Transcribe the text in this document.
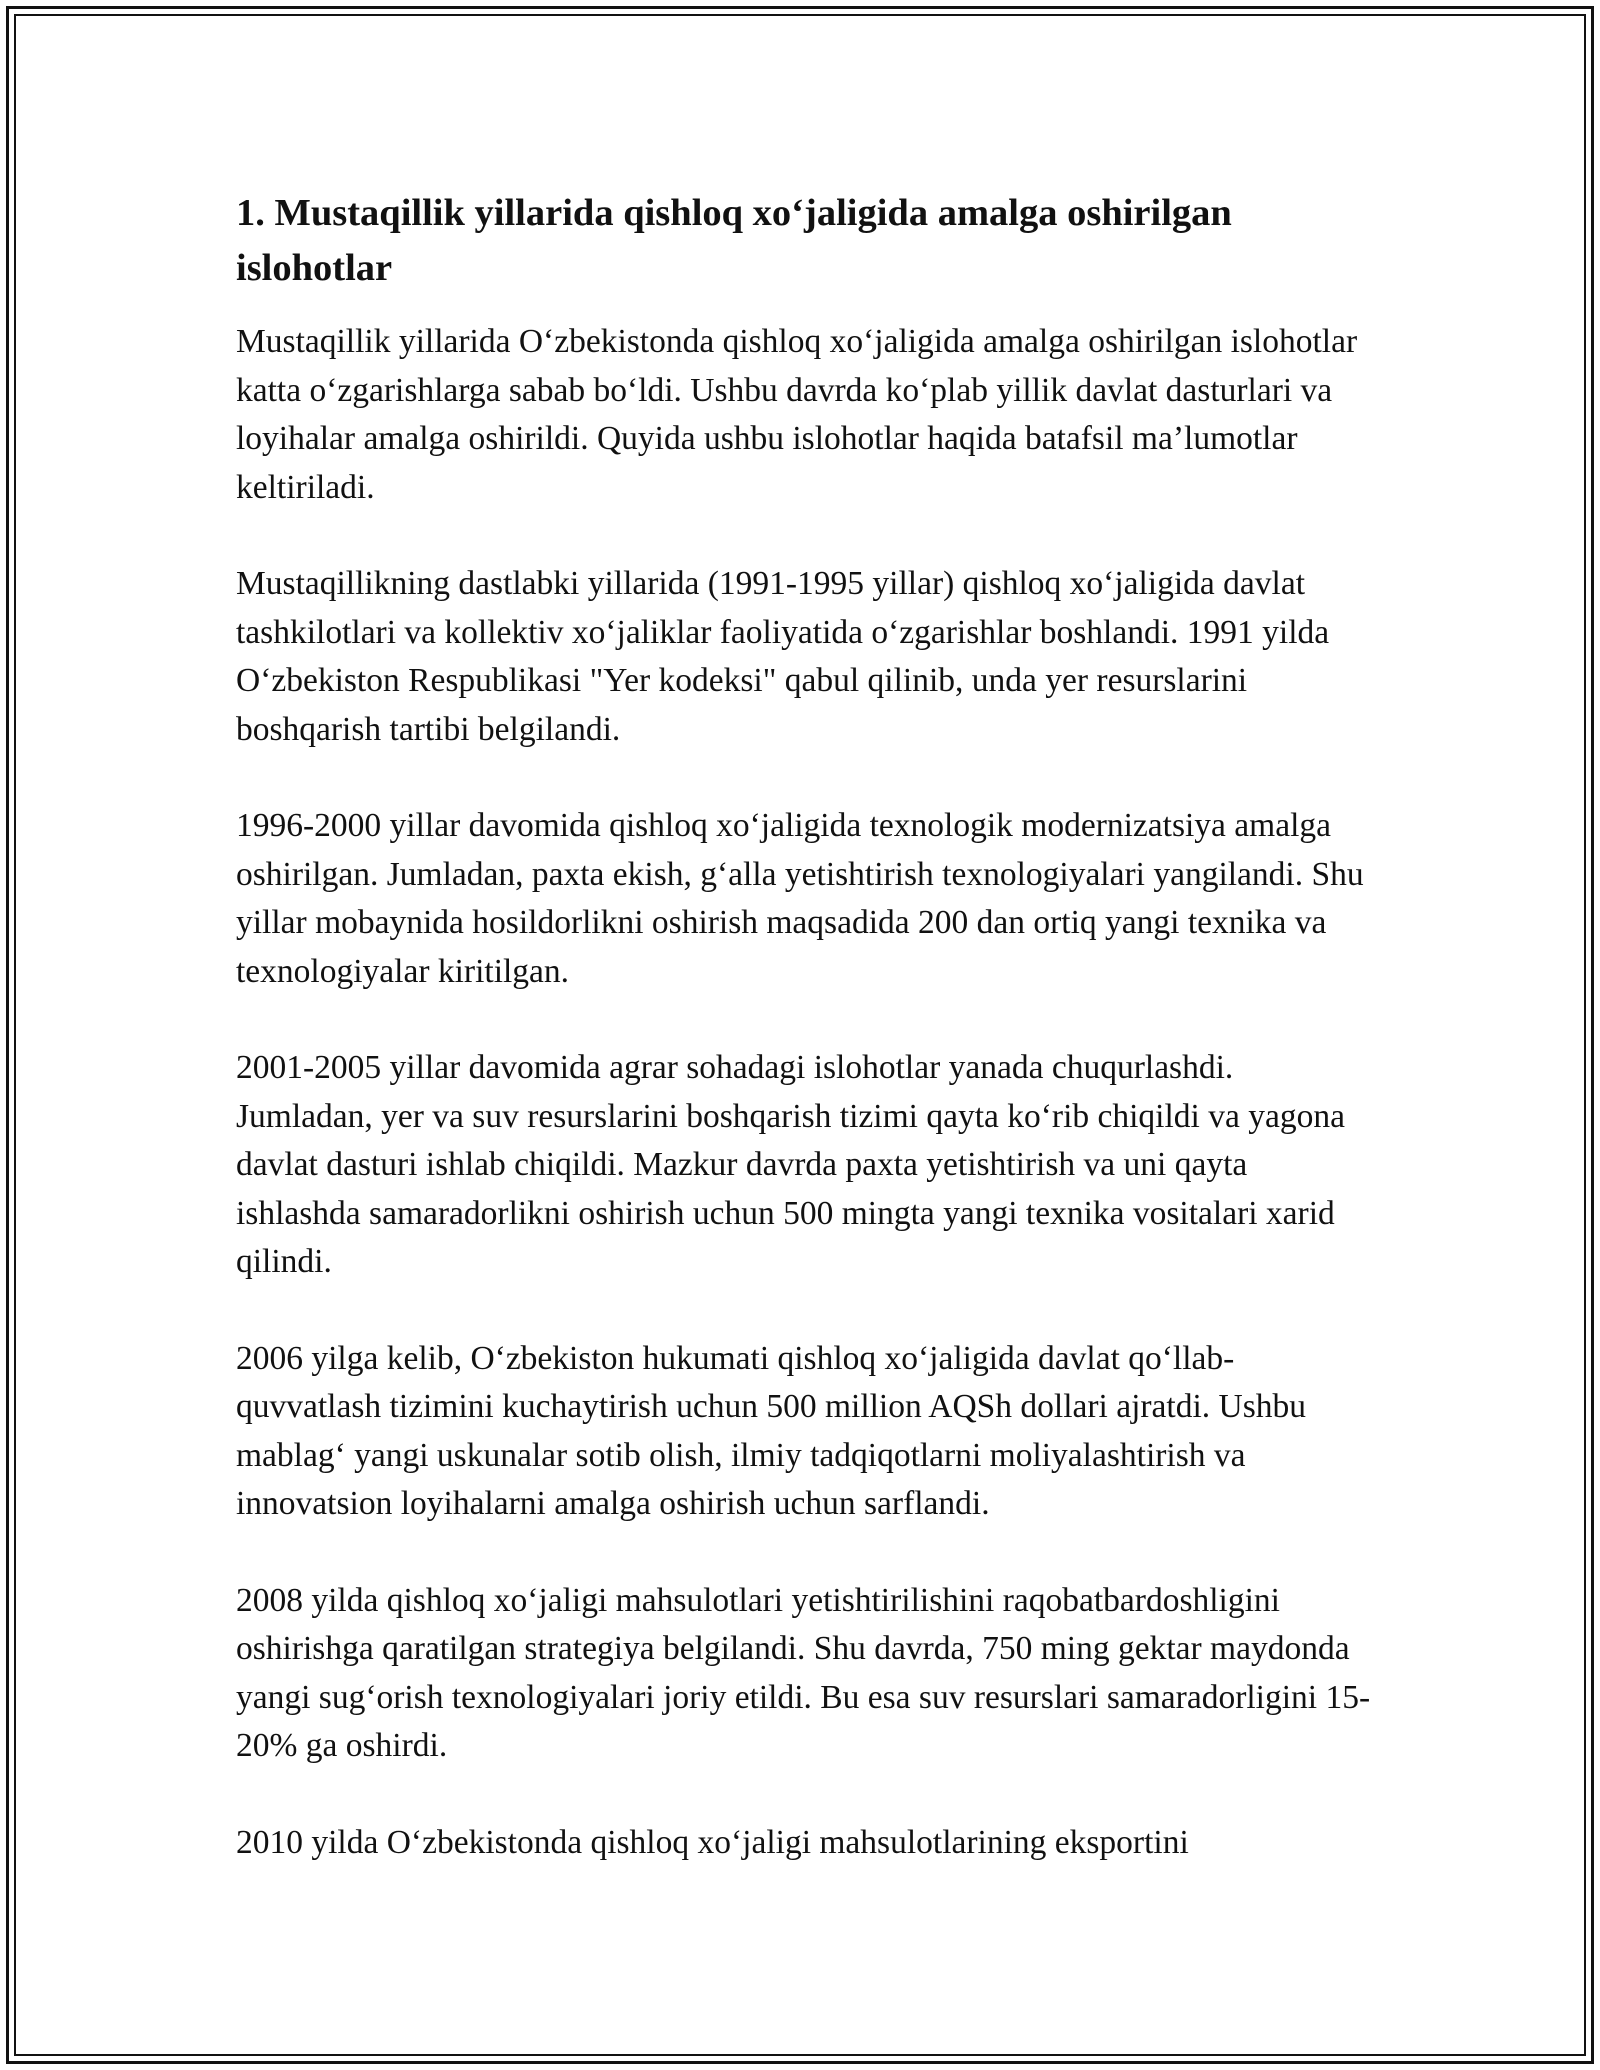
1. Mustaqillik yillarida qishloq xo‘jaligida amalga oshirilgan islohotlar

Mustaqillik yillarida O‘zbekistonda qishloq xo‘jaligida amalga oshirilgan islohotlar katta o‘zgarishlarga sabab bo‘ldi. Ushbu davrda ko‘plab yillik davlat dasturlari va loyihalar amalga oshirildi. Quyida ushbu islohotlar haqida batafsil ma’lumotlar keltiriladi.

Mustaqillikning dastlabki yillarida (1991-1995 yillar) qishloq xo‘jaligida davlat tashkilotlari va kollektiv xo‘jaliklar faoliyatida o‘zgarishlar boshlandi. 1991 yilda O‘zbekiston Respublikasi "Yer kodeksi" qabul qilinib, unda yer resurslarini boshqarish tartibi belgilandi.

1996-2000 yillar davomida qishloq xo‘jaligida texnologik modernizatsiya amalga oshirilgan. Jumladan, paxta ekish, g‘alla yetishtirish texnologiyalari yangilandi. Shu yillar mobaynida hosildorlikni oshirish maqsadida 200 dan ortiq yangi texnika va texnologiyalar kiritilgan.

2001-2005 yillar davomida agrar sohadagi islohotlar yanada chuqurlashdi. Jumladan, yer va suv resurslarini boshqarish tizimi qayta ko‘rib chiqildi va yagona davlat dasturi ishlab chiqildi. Mazkur davrda paxta yetishtirish va uni qayta ishlashda samaradorlikni oshirish uchun 500 mingta yangi texnika vositalari xarid qilindi.

2006 yilga kelib, O‘zbekiston hukumati qishloq xo‘jaligida davlat qo‘llab-quvvatlash tizimini kuchaytirish uchun 500 million AQSh dollari ajratdi. Ushbu mablag‘ yangi uskunalar sotib olish, ilmiy tadqiqotlarni moliyalashtirish va innovatsion loyihalarni amalga oshirish uchun sarflandi.

2008 yilda qishloq xo‘jaligi mahsulotlari yetishtirilishini raqobatbardoshligini oshirishga qaratilgan strategiya belgilandi. Shu davrda, 750 ming gektar maydonda yangi sug‘orish texnologiyalari joriy etildi. Bu esa suv resurslari samaradorligini 15-20% ga oshirdi.

2010 yilda O‘zbekistonda qishloq xo‘jaligi mahsulotlarining eksportini
